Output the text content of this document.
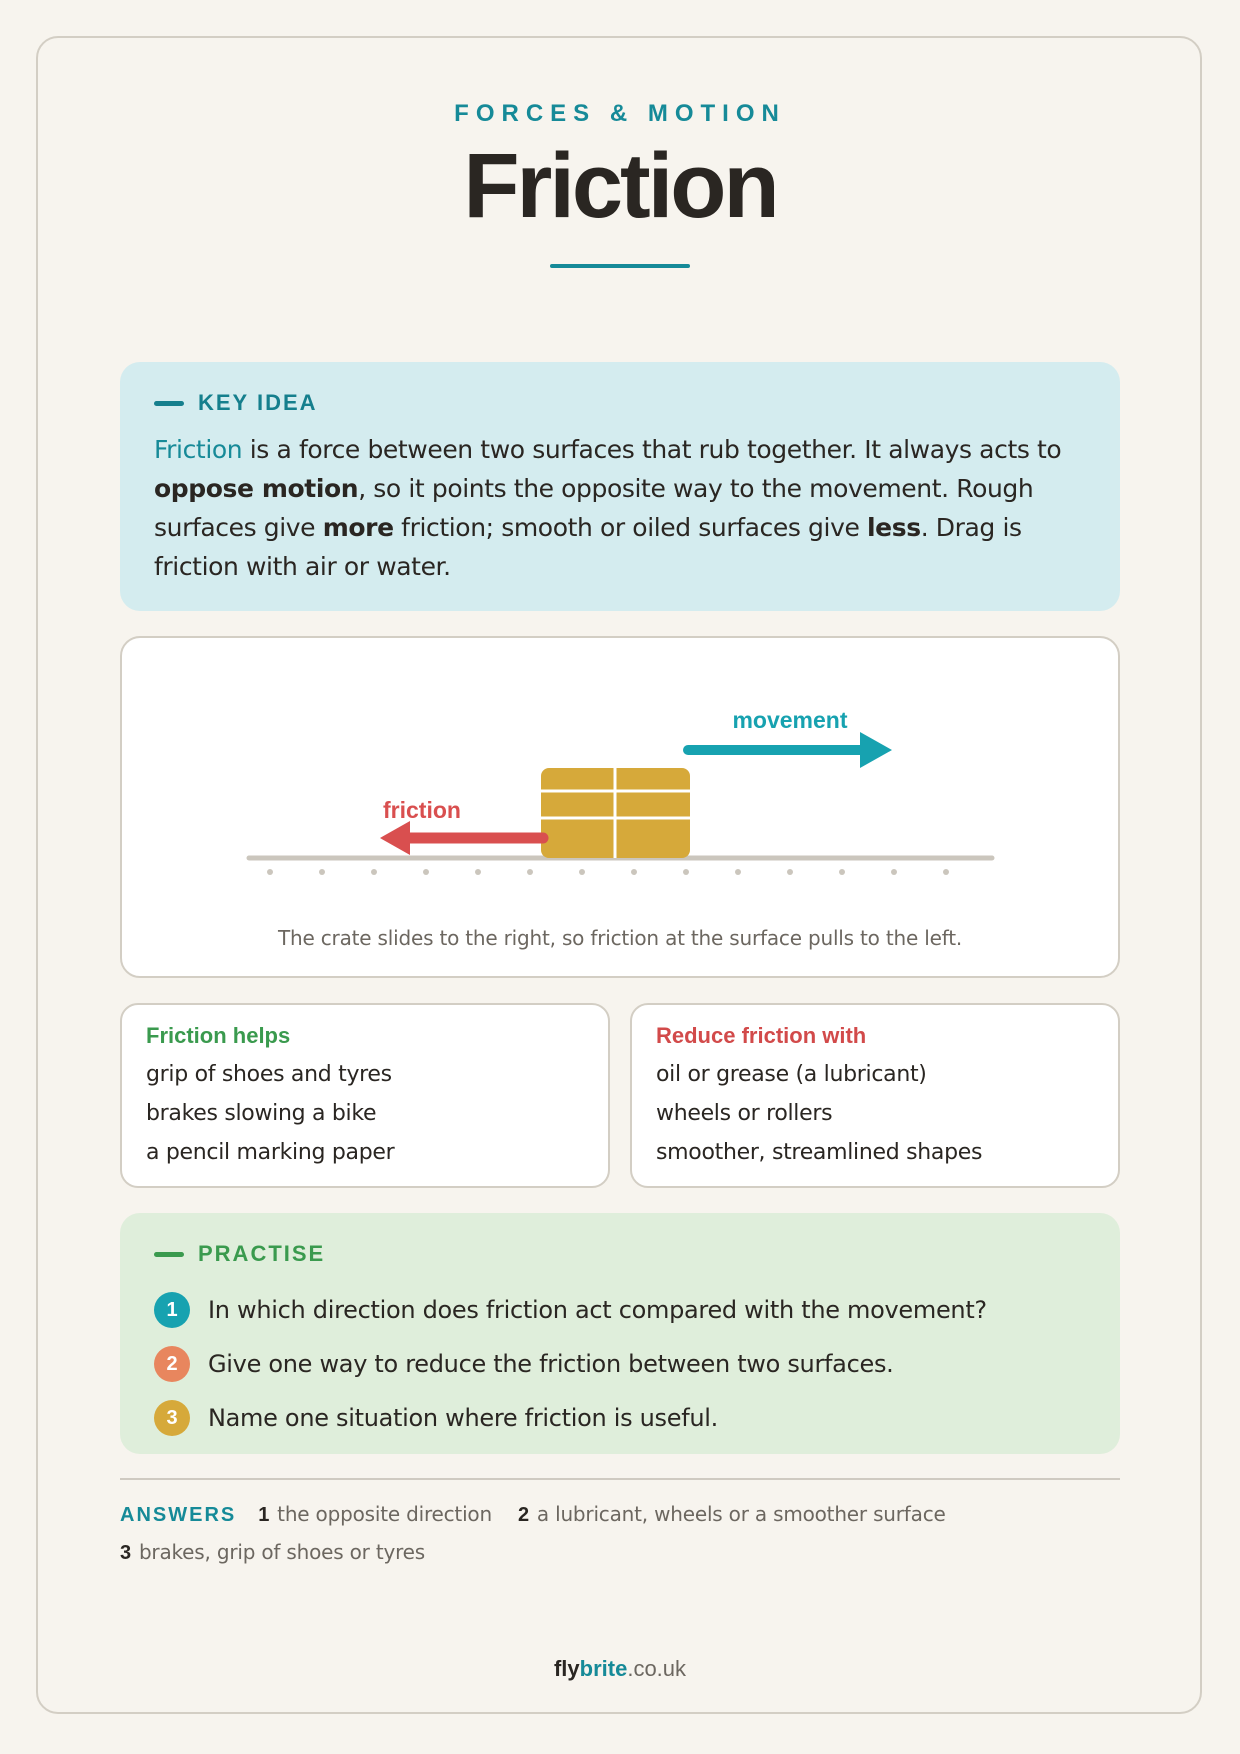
FORCES & MOTION
Friction
KEY IDEA
Friction is a force between two surfaces that rub together. It always acts to oppose motion, so it points the opposite way to the movement. Rough surfaces give more friction; smooth or oiled surfaces give less. Drag is friction with air or water.
friction
movement
The crate slides to the right, so friction at the surface pulls to the left.
Friction helps
grip of shoes and tyres
brakes slowing a bike
a pencil marking paper
Reduce friction with
oil or grease (a lubricant)
wheels or rollers
smoother, streamlined shapes
PRACTISE
1	In which direction does friction act compared with the movement?
2	Give one way to reduce the friction between two surfaces.
3	Name one situation where friction is useful.
ANSWERS 1 the opposite direction 2 a lubricant, wheels or a smoother surface
3 brakes, grip of shoes or tyres
flybrite.co.uk
